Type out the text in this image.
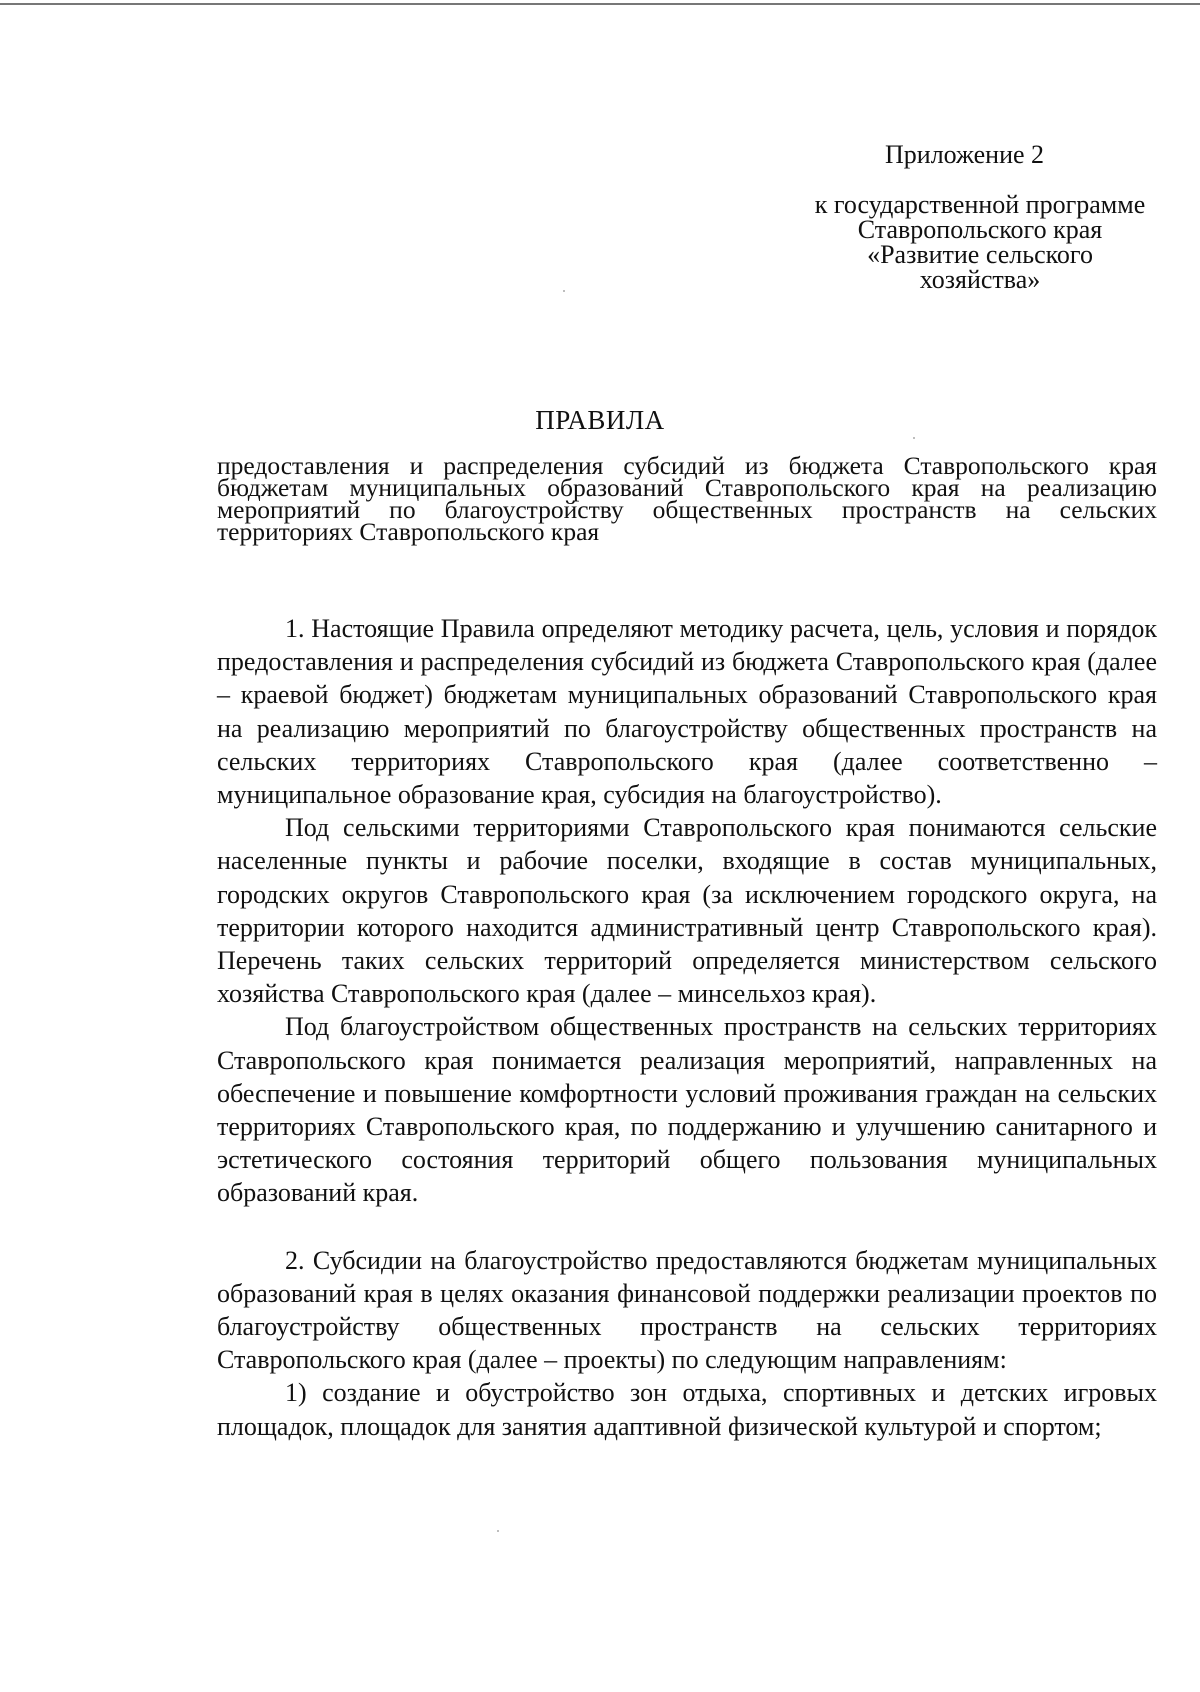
Приложение 2
к государственной программе
Ставропольского края
«Развитие сельского
хозяйства»
ПРАВИЛА
предоставления и распределения субсидий из бюджета Ставропольского края бюджетам муниципальных образований Ставропольского края на реализацию мероприятий по благоустройству общественных пространств на сельских территориях Ставропольского края

1. Настоящие Правила определяют методику расчета, цель, условия и порядок предоставления и распределения субсидий из бюджета Ставропольского края (далее – краевой бюджет) бюджетам муниципальных образований Ставропольского края на реализацию мероприятий по благоустройству общественных пространств на сельских территориях Ставропольского края (далее соответственно – муниципальное образование края, субсидия на благоустройство).

Под сельскими территориями Ставропольского края понимаются сельские населенные пункты и рабочие поселки, входящие в состав муниципальных, городских округов Ставропольского края (за исключением городского округа, на территории которого находится административный центр Ставропольского края). Перечень таких сельских территорий определяется министерством сельского хозяйства Ставропольского края (далее – минсельхоз края).

Под благоустройством общественных пространств на сельских территориях Ставропольского края понимается реализация мероприятий, направленных на обеспечение и повышение комфортности условий проживания граждан на сельских территориях Ставропольского края, по поддержанию и улучшению санитарного и эстетического состояния территорий общего пользования муниципальных образований края.

2. Субсидии на благоустройство предоставляются бюджетам муниципальных образований края в целях оказания финансовой поддержки реализации проектов по благоустройству общественных пространств на сельских территориях Ставропольского края (далее – проекты) по следующим направлениям:

1) создание и обустройство зон отдыха, спортивных и детских игровых площадок, площадок для занятия адаптивной физической культурой и спортом;
